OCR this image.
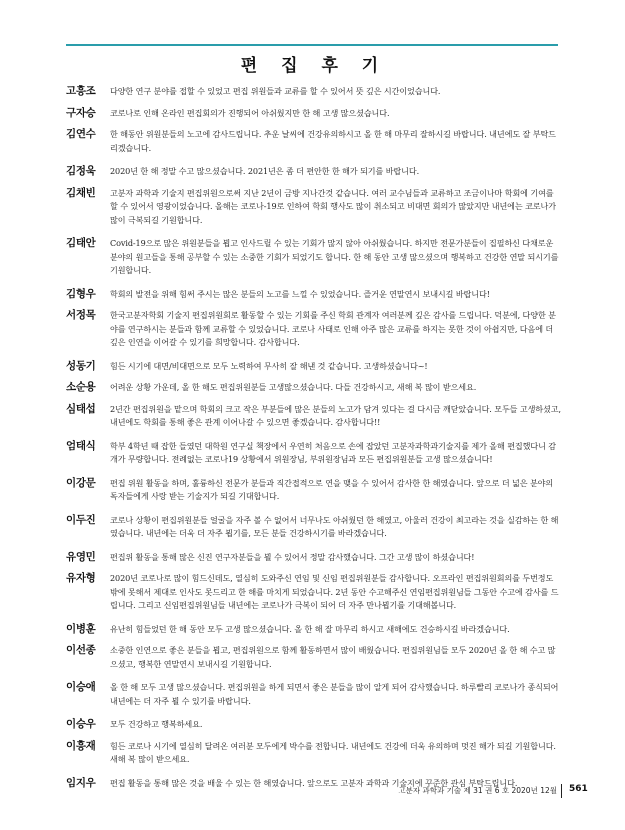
편 집 후 기
고흥조	다양한 연구 분야를 접할 수 있었고 편집 위원들과 교류를 할 수 있어서 뜻 깊은 시간이었습니다.
구자승	코로나로 인해 온라인 편집회의가 진행되어 아쉬웠지만 한 해 고생 많으셨습니다.
김연수	한 해동안 위원분들의 노고에 감사드립니다. 추운 날씨에 건강유의하시고 올 한 해 마무리 잘하시길 바랍니다. 내년에도 잘 부탁드리겠습니다.
김정욱	2020년 한 해 정말 수고 많으셨습니다. 2021년은 좀 더 편안한 한 해가 되기를 바랍니다.
김채빈	고분자 과학과 기술지 편집위원으로써 지난 2년이 금방 지나간것 같습니다. 여러 교수님들과 교류하고 조금이나마 학회에 기여를 할 수 있어서 영광이었습니다. 올해는 코로나-19로 인하여 학회 행사도 많이 취소되고 비대면 회의가 많았지만 내년에는 코로나가 많이 극복되길 기원합니다.
김태안	Covid-19으로 많은 위원분들을 뵙고 인사드릴 수 있는 기회가 많지 않아 아쉬웠습니다. 하지만 전문가분들이 집필하신 다채로운 분야의 원고들을 통해 공부할 수 있는 소중한 기회가 되었기도 합니다. 한 해 동안 고생 많으셨으며 행복하고 건강한 연말 되시기를 기원합니다.
김형우	학회의 발전을 위해 힘써 주시는 많은 분들의 노고를 느낄 수 있었습니다. 즐거운 연말연시 보내시길 바랍니다!
서정목	한국고분자학회 기술지 편집위원회로 활동할 수 있는 기회를 주신 학회 관계자 여러분께 깊은 감사를 드립니다. 덕분에, 다양한 분야를 연구하시는 분들과 함께 교류할 수 있었습니다. 코로나 사태로 인해 아주 많은 교류를 하지는 못한 것이 아쉽지만, 다음에 더 깊은 인연을 이어갈 수 있기를 희망합니다. 감사합니다.
성동기	힘든 시기에 대면/비대면으로 모두 노력하여 무사히 잘 해낸 것 같습니다. 고생하셨습니다~!
소순용	어려운 상황 가운데, 올 한 해도 편집위원분들 고생많으셨습니다. 다들 건강하시고, 새해 복 많이 받으세요.
심태섭	2년간 편집위원을 맡으며 학회의 크고 작은 부분들에 많은 분들의 노고가 담겨 있다는 걸 다시금 깨닫았습니다. 모두들 고생하셨고, 내년에도 학회를 통해 좋은 관계 이어나갈 수 있으면 좋겠습니다. 감사합니다!!
엄태식	학부 4학년 때 잡한 들였던 대학원 연구실 책장에서 우연히 처음으로 손에 잡았던 고분자과학과기술지를 제가 올해 편집했다니 감개가 무량합니다. 전례없는 코로나19 상황에서 위원장님, 부위원장님과 모든 편집위원분들 고생 많으셨습니다!
이강문	편집 위원 활동을 하며, 훌륭하신 전문가 분들과 직간접적으로 연을 맺을 수 있어서 감사한 한 해였습니다. 앞으로 더 넓은 분야의 독자들에게 사랑 받는 기술지가 되길 기대합니다.
이두진	코로나 상황이 편집위원분들 얼굴을 자주 볼 수 없어서 너무나도 아쉬웠던 한 해였고, 아울러 건강이 최고라는 것을 실감하는 한 해였습니다. 내년에는 더욱 더 자주 뵙기를, 모든 분들 건강하시기를 바라겠습니다.
유영민	편집위 활동을 통해 많은 신진 연구자분들을 뵐 수 있어서 정말 감사했습니다. 그간 고생 많이 하셨습니다!
유자형	2020년 코로나로 많이 힘드신데도, 열심히 도와주신 연임 및 신임 편집위원분들 감사합니다. 오프라인 편집위원회의를 두번정도 밖에 못해서 제대로 인사도 못드리고 한 해를 마치게 되었습니다. 2년 동안 수고해주신 연임편집위원님들 그동안 수고에 감사를 드립니다. 그리고 신임편집위원님들 내년에는 코로나가 극복이 되어 더 자주 만나뵙기를 기대해봅니다.
이병훈	유난히 힘들었던 한 해 동안 모두 고생 많으셨습니다. 올 한 해 잘 마무리 하시고 새해에도 건승하시길 바라겠습니다.
이선종	소중한 인연으로 좋은 분들을 뵙고, 편집위원으로 함께 활동하면서 많이 배웠습니다. 편집위원님들 모두 2020년 올 한 해 수고 많으셨고, 행복한 연말연시 보내시길 기원합니다.
이승애	올 한 해 모두 고생 많으셨습니다. 편집위원을 하게 되면서 좋은 분들을 많이 알게 되어 감사했습니다. 하루빨리 코로나가 종식되어 내년에는 더 자주 뵐 수 있기를 바랍니다.
이승우	모두 건강하고 행복하세요.
이흥재	힘든 코로나 시기에 열심히 달려온 여러분 모두에게 박수를 전합니다. 내년에도 건강에 더욱 유의하며 멋진 해가 되길 기원합니다. 새해 복 많이 받으세요.
임지우	편집 활동을 통해 많은 것을 배울 수 있는 한 해였습니다. 앞으로도 고분자 과학과 기술지에 꾸준한 관심 부탁드립니다.
고분자 과학과 기술 제 31 권 6 호 2020년 12월 561
